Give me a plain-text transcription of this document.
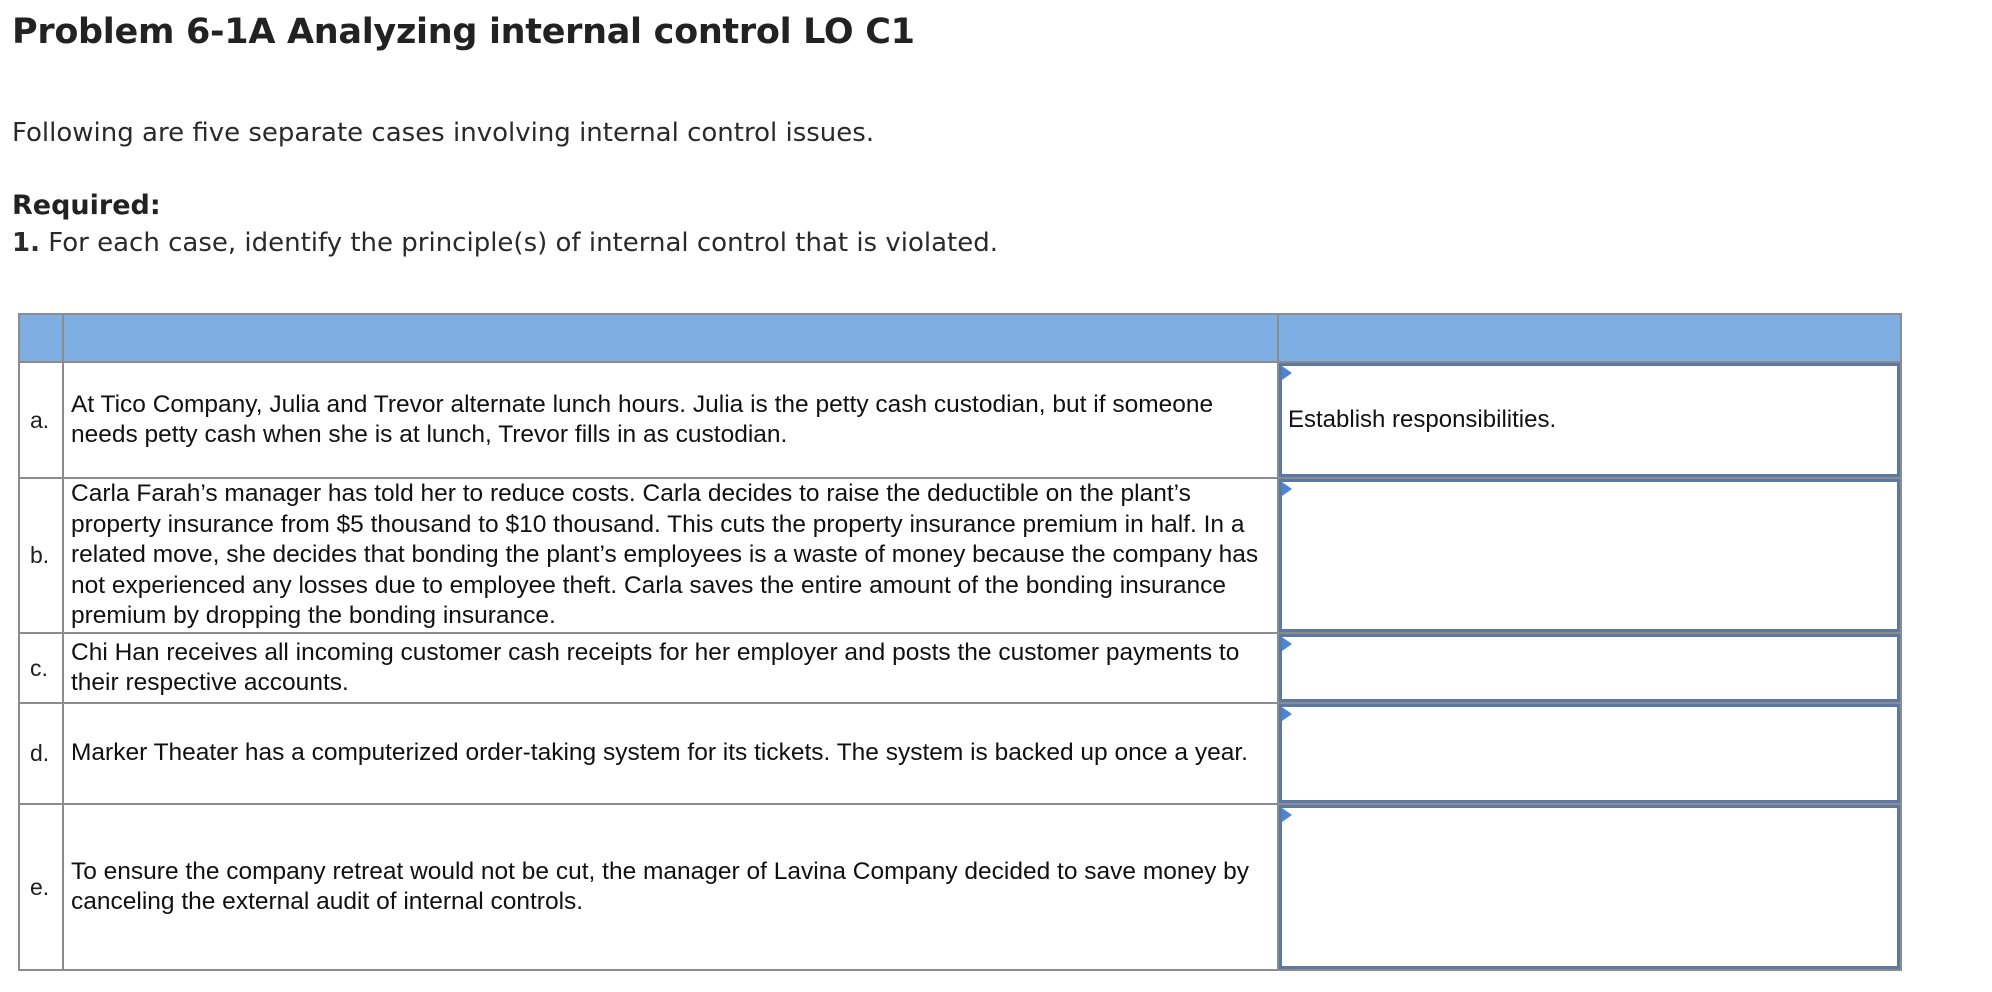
Problem 6-1A Analyzing internal control LO C1

Following are five separate cases involving internal control issues.

Required:

1. For each case, identify the principle(s) of internal control that is violated.

a.	At Tico Company, Julia and Trevor alternate lunch hours. Julia is the petty cash custodian, but if someone needs petty cash when she is at lunch, Trevor fills in as custodian.	Establish responsibilities.

b.	Carla Farah’s manager has told her to reduce costs. Carla decides to raise the deductible on the plant’s property insurance from $5 thousand to $10 thousand. This cuts the property insurance premium in half. In a related move, she decides that bonding the plant’s employees is a waste of money because the company has not experienced any losses due to employee theft. Carla saves the entire amount of the bonding insurance premium by dropping the bonding insurance.	

c.	Chi Han receives all incoming customer cash receipts for her employer and posts the customer payments to their respective accounts.	

d.	Marker Theater has a computerized order-taking system for its tickets. The system is backed up once a year.	

e.	To ensure the company retreat would not be cut, the manager of Lavina Company decided to save money by canceling the external audit of internal controls.	
